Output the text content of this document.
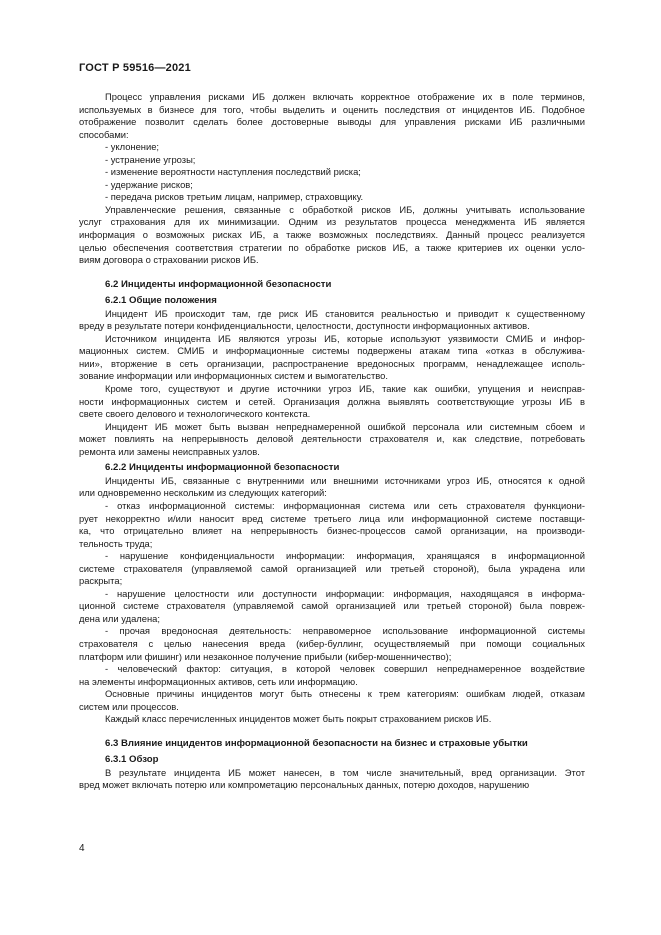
ГОСТ Р 59516—2021
Процесс управления рисками ИБ должен включать корректное отображение их в поле терминов,
используемых в бизнесе для того, чтобы выделить и оценить последствия от инцидентов ИБ. Подобное
отображение позволит сделать более достоверные выводы для управления рисками ИБ различными
способами:
- уклонение;
- устранение угрозы;
- изменение вероятности наступления последствий риска;
- удержание рисков;
- передача рисков третьим лицам, например, страховщику.
Управленческие решения, связанные с обработкой рисков ИБ, должны учитывать использование
услуг страхования для их минимизации. Одним из результатов процесса менеджмента ИБ является
информация о возможных рисках ИБ, а также возможных последствиях. Данный процесс реализуется
целью обеспечения соответствия стратегии по обработке рисков ИБ, а также критериев их оценки усло-
виям договора о страховании рисков ИБ.
6.2 Инциденты информационной безопасности
6.2.1 Общие положения
Инцидент ИБ происходит там, где риск ИБ становится реальностью и приводит к существенному
вреду в результате потери конфиденциальности, целостности, доступности информационных активов.
Источником инцидента ИБ являются угрозы ИБ, которые используют уязвимости СМИБ и инфор-
мационных систем. СМИБ и информационные системы подвержены атакам типа «отказ в обслужива-
нии», вторжение в сеть организации, распространение вредоносных программ, ненадлежащее исполь-
зование информации или информационных систем и вымогательство.
Кроме того, существуют и другие источники угроз ИБ, такие как ошибки, упущения и неисправ-
ности информационных систем и сетей. Организация должна выявлять соответствующие угрозы ИБ в
свете своего делового и технологического контекста.
Инцидент ИБ может быть вызван непреднамеренной ошибкой персонала или системным сбоем и
может повлиять на непрерывность деловой деятельности страхователя и, как следствие, потребовать
ремонта или замены неисправных узлов.
6.2.2 Инциденты информационной безопасности
Инциденты ИБ, связанные с внутренними или внешними источниками угроз ИБ, относятся к одной
или одновременно нескольким из следующих категорий:
- отказ информационной системы: информационная система или сеть страхователя функциони-
рует некорректно и/или наносит вред системе третьего лица или информационной системе поставщи-
ка, что отрицательно влияет на непрерывность бизнес-процессов самой организации, на производи-
тельность труда;
- нарушение конфиденциальности информации: информация, хранящаяся в информационной
системе страхователя (управляемой самой организацией или третьей стороной), была украдена или
раскрыта;
- нарушение целостности или доступности информации: информация, находящаяся в информа-
ционной системе страхователя (управляемой самой организацией или третьей стороной) была повреж-
дена или удалена;
- прочая вредоносная деятельность: неправомерное использование информационной системы
страхователя с целью нанесения вреда (кибер-буллинг, осуществляемый при помощи социальных
платформ или фишинг) или незаконное получение прибыли (кибер-мошенничество);
- человеческий фактор: ситуация, в которой человек совершил непреднамеренное воздействие
на элементы информационных активов, сеть или информацию.
Основные причины инцидентов могут быть отнесены к трем категориям: ошибкам людей, отказам
систем или процессов.
Каждый класс перечисленных инцидентов может быть покрыт страхованием рисков ИБ.
6.3 Влияние инцидентов информационной безопасности на бизнес и страховые убытки
6.3.1 Обзор
В результате инцидента ИБ может нанесен, в том числе значительный, вред организации. Этот
вред может включать потерю или компрометацию персональных данных, потерю доходов, нарушению
4
